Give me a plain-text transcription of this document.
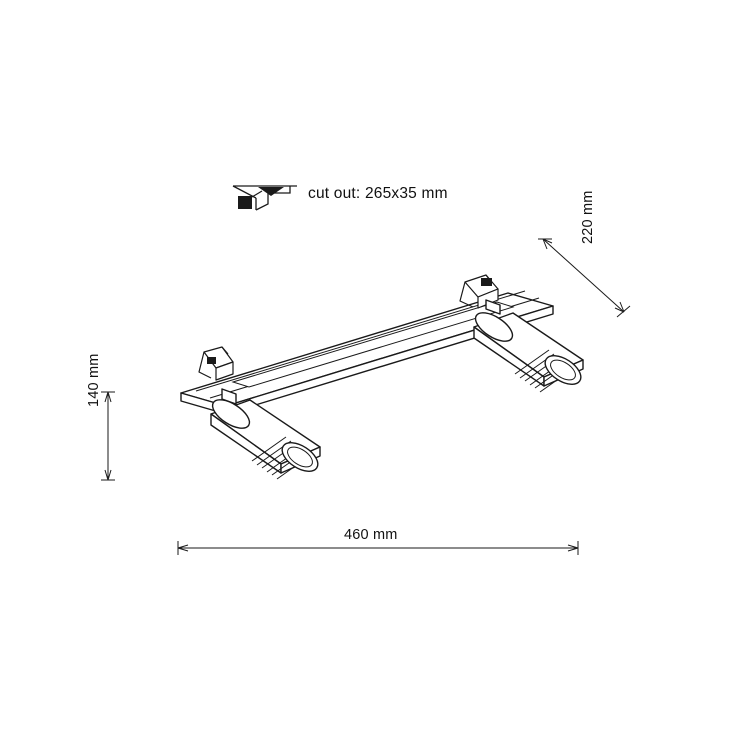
cut out: 265x35 mm
460 mm
140 mm
220 mm
